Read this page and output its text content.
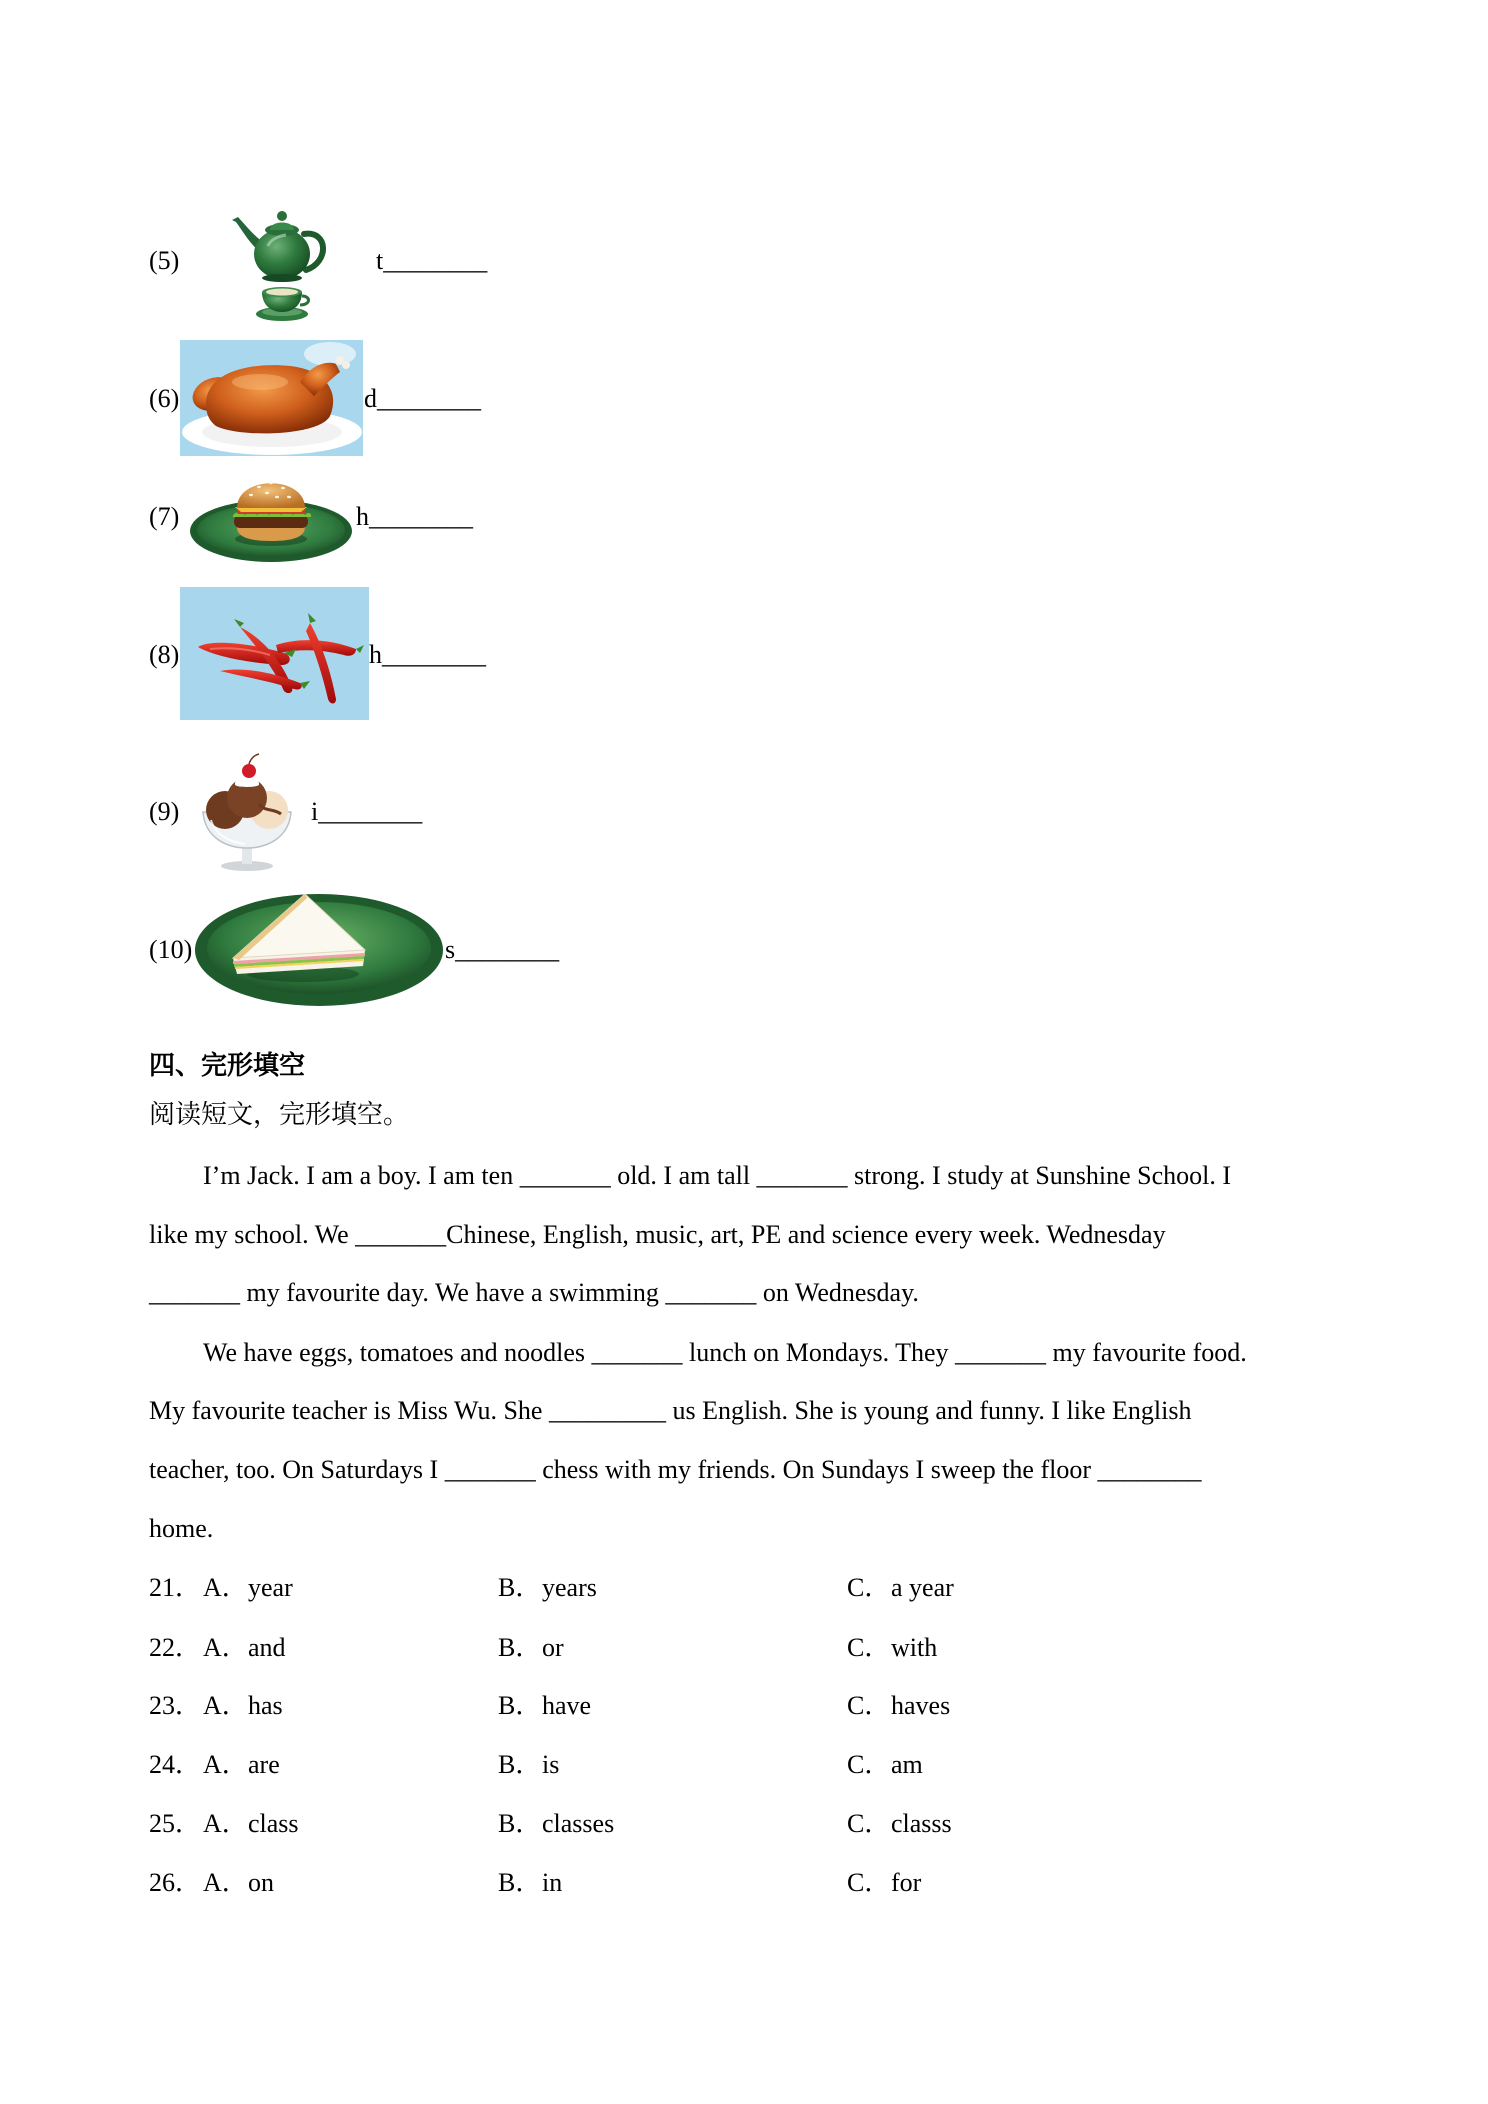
(5)	t________
(6)	d________
(7)	h________
(8)	h________
(9)	i________
(10)	s________
四、完形填空
阅读短文，完形填空。
I’m Jack. I am a boy. I am ten _______ old. I am tall _______ strong. I study at Sunshine School. I
like my school. We _______Chinese, English, music, art, PE and science every week. Wednesday
_______ my favourite day. We have a swimming _______ on Wednesday.
We have eggs, tomatoes and noodles _______ lunch on Mondays. They _______ my favourite food.
My favourite teacher is Miss Wu. She _________ us English. She is young and funny. I like English
teacher, too. On Saturdays I _______ chess with my friends. On Sundays I sweep the floor ________
home.
21． A． year	B． years	C． a year
22． A． and	B． or	C． with
23． A． has	B． have	C． haves
24． A． are	B． is	C． am
25． A． class	B． classes	C． classs
26． A． on	B． in	C． for
